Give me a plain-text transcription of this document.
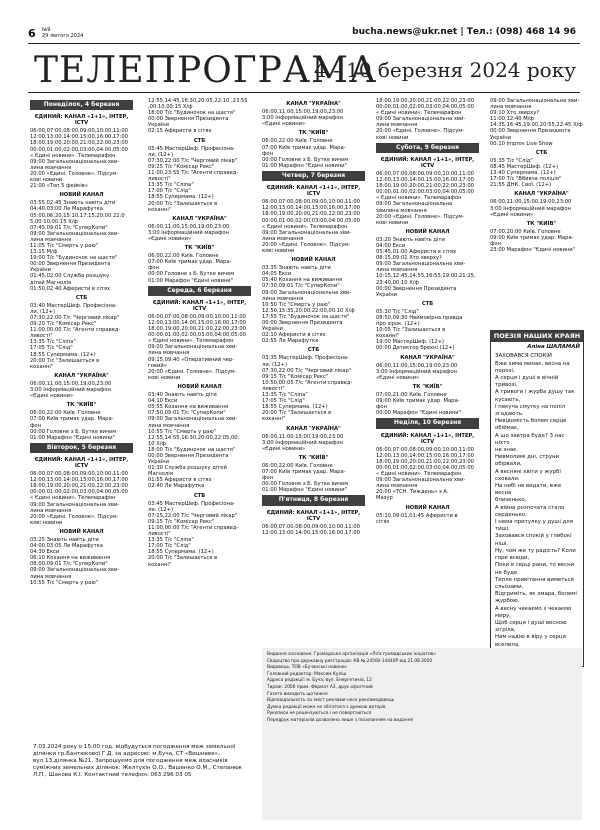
6 №9
29 лютого 2024	bucha.news@ukr.net | Тел.: (098) 468 14 96
ТЕЛЕПРОГРАМА
4 - 10 березня 2024 року
Понеділок, 4 березня
ЄДИНИЙ: КАНАЛ «1+1», ІНТЕР, ICTV
06:00,07:00,08:00,09:00,10:00,11:00
12:00,13:00,14:00,15:00,16:00,17:00
18:00,19:00,20:00,21:00,22:00,23:00
00:00,01:00,02:00,03:00,04:00,05:00
« Єдині новини». Телемарафон
09:00 Загальнонаціональна хви-
лина мовчання
20:00 «Єдині. Головне». Підсум-
кові новини
21:00 «Топ 5 фейків»
НОВИЙ КАНАЛ
03:55,02:45 Знають навіть діти
04:40,03:00 Ле Марафутка
05:00,06:20,15:10,17:15,20:00 22:0
5,00:10,00:15 Х/ф
07:45,09:01 Т/с "СуперКопи"
09:00 Загальнонаціональна хви-
лина мовчання
11:05 Т/с "Смерть у раю"
13:15 М/ф
19:00 Т/с "Будиночок на щастя"
00:00 Звернення Президента
України
01:45,02:00 Служба розшуку
дітей Магнолія
01:50,02:40 Аферисти в сітях
СТБ
03:40 МастерШеф. Професіона-
ли. (12+)
07:30,22:00 Т/с "Черговий лікар"
09:20 Т/с "Комісар Рекс"
11:00,00:00 Т/с "Агенти справед-
ливості"
13:35 Т/с "Сліпа"
17:05 Т/с "Слід"
18:55 Супермама. (12+)
20:00 Т/с "Залишається в
коханні"
КАНАЛ "УКРАЇНА"
06:00,11:00,15:00,19:00,23:00
3:00 Інформаційний марафон
«Єдині новини»
ТК "КИЇВ"
06:00,22:00 Київ. Головне
07:00 Київ тримає удар. Мара-
фон
00:00 Головне з Б. Бутке вичем
01:00 Марафон "Єдині новини"
Вівторок, 5 березня
ЄДИНИЙ: КАНАЛ «1+1», ІНТЕР, ICTV
06:00,07:00,08:00,09:00,10:00,11:00
12:00,13:00,14:00,15:00,16:00,17:00
18:00,19:00,20:00,21:00,22:00,23:00
00:00,01:00,02:00,03:00,04:00,05:00
« Єдині новини». Телемарафон
09:00 Загальнонаціональна хви-
лина мовчання
20:00 «Єдині. Головне». Підсум-
кові новини
НОВИЙ КАНАЛ
03:25 Знають навіть діти
04:00,03:05 Ле Марафутка
04:30 Екси
06:10 Кохання на виживання
08:00,09:01 Т/с "СуперКопи"
09:00 Загальнонаціональна хви-
лина мовчання
10:55 Т/с "Смерть у раю"
12:55,14:45,16:30,20:05,22:10 ,23:55
,00:10,00:15 Х/ф
18:00 Т/с "Будиночок на щастя"
00:00 Звернення Президента
України
02:15 Аферисти в сітях
СТБ
05:45 МастерШеф. Професіона-
ли. (12+)
07:30,22:00 Т/с "Черговий лікар"
09:25 Т/с "Комісар Рекс"
11:00,23:55 Т/с "Агенти справед-
ливості"
13:35 Т/с "Сліпа"
17:00 Т/с "Слід"
18:55 Супермама. (12+)
20:00 Т/с "Залишається в
коханні"
КАНАЛ "УКРАЇНА"
06:00,11:00,15:00,19:00,23:00
3:00 Інформаційний марафон
«Єдині новини»
ТК "КИЇВ"
06:00,22:00 Київ. Головне
07:00 Київ тримає удар. Мара-
фон
00:00 Головне з Б. Бутке вичем
01:00 Марафон "Єдині новини"
Середа, 6 березня
ЄДИНИЙ: КАНАЛ «1+1», ІНТЕР, ICTV
06:00,07:00,08:00,09:00,10:00,11:00
12:00,13:00,14:00,15:00,16:00,17:00
18:00,19:00,20:00,21:00,22:00,23:00
00:00,01:00,02:00,03:00,04:00,05:00
« Єдині новини». Телемарафон
09:00 Загальнонаціональна хви-
лина мовчання
09:15,09:40 «Оперативний чер-
говий»
20:00 «Єдині. Головне». Підсум-
кові новини
НОВИЙ КАНАЛ
03:40 Знають навіть діти
04:10 Екси
05:55 Кохання на виживання
07:50,09:01 Т/с "СуперКопи"
09:00 Загальнонаціональна хви-
лина мовчання
10:55 Т/с "Смерть у раю"
12:55,14:55,16:30,20:00,22:05,00:
10 Х/ф
18:00 Т/с "Будиночок на щастя"
00:00 Звернення Президента
України
01:30 Служба розшуку дітей
Магнолія
01:55 Аферисти в сітях
02:40 Ле Марафутка
СТБ
03:45 МастерШеф. Професіона-
ли. (12+)
07:15,22:00 Т/с "Черговий лікар"
09:15 Т/с "Комісар Рекс"
11:00,00:00 Т/с "Агенти справед-
ливості"
13:35 Т/с "Сліпа"
17:00 Т/с "Слід"
18:55 Супермама. (12+)
20:00 Т/с "Залишається в
коханні"
КАНАЛ "УКРАЇНА"
06:00,11:00,15:00,19:00,23:00
3:00 Інформаційний марафон
«Єдині новини»
ТК "КИЇВ"
06:00,22:00 Київ. Головне
07:00 Київ тримає удар. Мара-
фон
00:00 Головне з Б. Бутке вичем
01:00 Марафон "Єдині новини"
Четвер, 7 березня
ЄДИНИЙ: КАНАЛ «1+1», ІНТЕР, ICTV
06:00,07:00,08:00,09:00,10:00,11:00
12:00,13:00,14:00,15:00,16:00,17:00
18:00,19:00,20:00,21:00,22:00,23:00
00:00,01:00,02:00,03:00,04:00,05:00
« Єдині новини». Телемарафон
09:00 Загальнонаціональна хви-
лина мовчання
20:00 «Єдині. Головне». Підсум-
кові новини
НОВИЙ КАНАЛ
03:35 Знають навіть діти
04:05 Екси
05:40 Кохання на виживання
07:30,09:01 Т/с "СуперКопи"
09:00 Загальнонаціональна хви-
лина мовчання
10:50 Т/с "Смерть у раю"
12:50,15:35,20:00,22:00,00:10 Х/ф
17:55 Т/с "Будиночок на щастя"
00:00 Звернення Президента
України
02:10 Аферисти в сітях
02:55 Ле Марафутка
СТБ
03:35 МастерШеф. Професіона-
ли. (12+)
07:30,22:00 Т/с "Черговий лікар"
09:15 Т/с "Комісар Рекс"
10:50,00:05 Т/с "Агенти справед-
ливості"
13:35 Т/с "Сліпа"
17:05 Т/с "Слід"
18:55 Супермама. (12+)
20:00 Т/с "Залишається в
коханні"
КАНАЛ "УКРАЇНА"
06:00,11:00,15:00,19:00,23:00
3:00 Інформаційний марафон
«Єдині новини»
ТК "КИЇВ"
06:00,22:00 Київ. Головне
07:00 Київ тримає удар. Мара-
фон
00:00 Головне з Б. Бутке вичем
01:00 Марафон "Єдині новини"
П'ятниця, 8 березня
ЄДИНИЙ: КАНАЛ «1+1», ІНТЕР, ICTV
06:00,07:00,08:00,09:00,10:00,11:00
12:00,13:00,14:00,15:00,16:00,17:00
18:00,19:00,20:00,21:00,22:00,23:00
00:00,01:00,02:00,03:00,04:00,05:00
« Єдині новини». Телемарафон
09:00 Загальнонаціональна хви-
лина мовчання
20:00 «Єдині. Головне». Підсум-
кові новини
Субота, 9 березня
ЄДИНИЙ: КАНАЛ «1+1», ІНТЕР, ICTV
06:00,07:00,08:00,09:00,10:00,11:00
12:00,13:00,14:00,15:00,16:00,17:00
18:00,19:00,20:00,21:00,22:00,23:00
00:00,01:00,02:00,03:00,04:00,05:00
« Єдині новини». Телемарафон
09:00 Загальнонаціональна
хвилина мовчання
20:00 «Єдині. Головне». Підсум-
кові новини
НОВИЙ КАНАЛ
03:20 Знають навіть діти
04:00 Екси
05:45,01:00 Аферисти в сітях
08:15,09:01 Хто зверху?
09:00 Загальнонаціональна хви-
лина мовчання
10:15,12:45,14:55,16:55,19:00,21:25,
23:40,00:10 Х/ф
00:00 Звернення Президента
України
СТБ
05:30 Т/с "Слід"
08:50,09:30 Неймовірна правда
про зірок. (12+)
10:05 Т/с "Залишається в
коханні"
19:00 МастерШеф. (12+)
00:00 Детектор брехні (12+)
КАНАЛ "УКРАЇНА"
06:00,11:00,15:00,19:00,23:00
3:00 Інформаційний марафон
«Єдині новини»
ТК "КИЇВ"
07:00,21:00 Київ. Головне
09:00 Київ тримає удар. Мара-
фон
00:00 Марафон "Єдині новини"
Неділя, 10 березня
ЄДИНИЙ: КАНАЛ «1+1», ІНТЕР, ICTV
06:00,07:00,08:00,09:00,10:00,11:00
12:00,13:00,14:00,15:00,16:00,17:00
18:00,19:00,20:00,21:00,22:00,23:00
00:00,01:00,02:00,03:00,04:00,05:00
« Єдині новини». Телемарафон
09:00 Загальнонаціональна хви-
лина мовчання
20:00 «ТСН. Тиждень» з А.
Мазур
НОВИЙ КАНАЛ
05:10,09:01,01:45 Аферисти в
сітях
09:00 Загальнонаціональна хви-
лина мовчання
09:10 Хто зверху?
11:00,12:40 М/ф
14:35,16:45,19:00,20:55,22:45 Х/ф
00:00 Звернення Президента
України
00:10 Improv Live Show
СТБ
05:35 Т/с "Слід"
08:45 МастерШеф. (12+)
13:40 Супермама. (12+)
17:00 Т/с "Вбивча поліція"
21:55 ДНК. Свої. (12+)
КАНАЛ "УКРАЇНА"
06:00,11:00,15:00,19:00,23:00
3:00 Інформаційний марафон
«Єдині новини»
ТК "КИЇВ"
07:00,20:00 Київ. Головне
09:00 Київ тримає удар. Мара-
фон
23:00 Марафон "Єдині новини"
7.03.2024 року о 15:00 год. відбудуться погодження меж земельної ділянки гр.Бантюкової Г.Д. за адресою: м.Буча, СТ «Вишневе», вул.13,ділянка №21. Запрошуємо для погодження меж власників суміжних земельних ділянок: Желтухін О.О., Вашенко О.М., Степанюк Л.П., Шакова К.І. Контактний телефон: 063 296 03 05
ПОЕЗІЯ НАШИХ КРАЯН
Аліна ШАЛАМАЙ
ЗАХОВАВСЯ СПОКІЙ
Вже зима минає, весна на
порозі,
А серця і душі в вічній тривозі.
А тривоги і журба душу так
кусають,
І пекуча смутку на попіл
згадають.
Невідомість болем серце
обіймає,
А що завтра буде? З нас ніхто
не знає.
Невмолимі дні, струни
обірвали,
А весняні квіти у журбі
сховали.
На небі не видати, вже весна
близенько,
А війна розпочата стало
серденько.
І нема притулку у душі для
тиші,
Заховався спокій у глибокі
ніші.
Ну, чом же ту радість? Коли
горе всюди,
Поки в серці рани, то весни
не буде.
Тепле привітання виметься
сльозами,
Відгриміть, як хмара, болемі
журбою.
А весну чекаємо з чекаємо
миру,
Щоб серця і душі весною
зігріла,
Нам надію в віру у серця
вселила,
Видання засноване: Громадська організація «Ліга громадських ініціатив»
Свідоцтво про державну реєстрацію: КВ № 24500-14440Р від 21.08.2020
Видавець: ТОВ «Бучанські новини»
Головний редактор: Максим Куліш
Адреса редакції: м. Буча, вул. Енергетиків, 12
Тираж: 2000 прим. Формат А3, друк офсетний
Газета виходить щотижня
Відповідальність за зміст реклами несе рекламодавець
Думка редакції може не збігатися з думкою авторів
Рукописи не рецензуються і не повертаються
Передрук матеріалів дозволено лише з посиланням на видання
